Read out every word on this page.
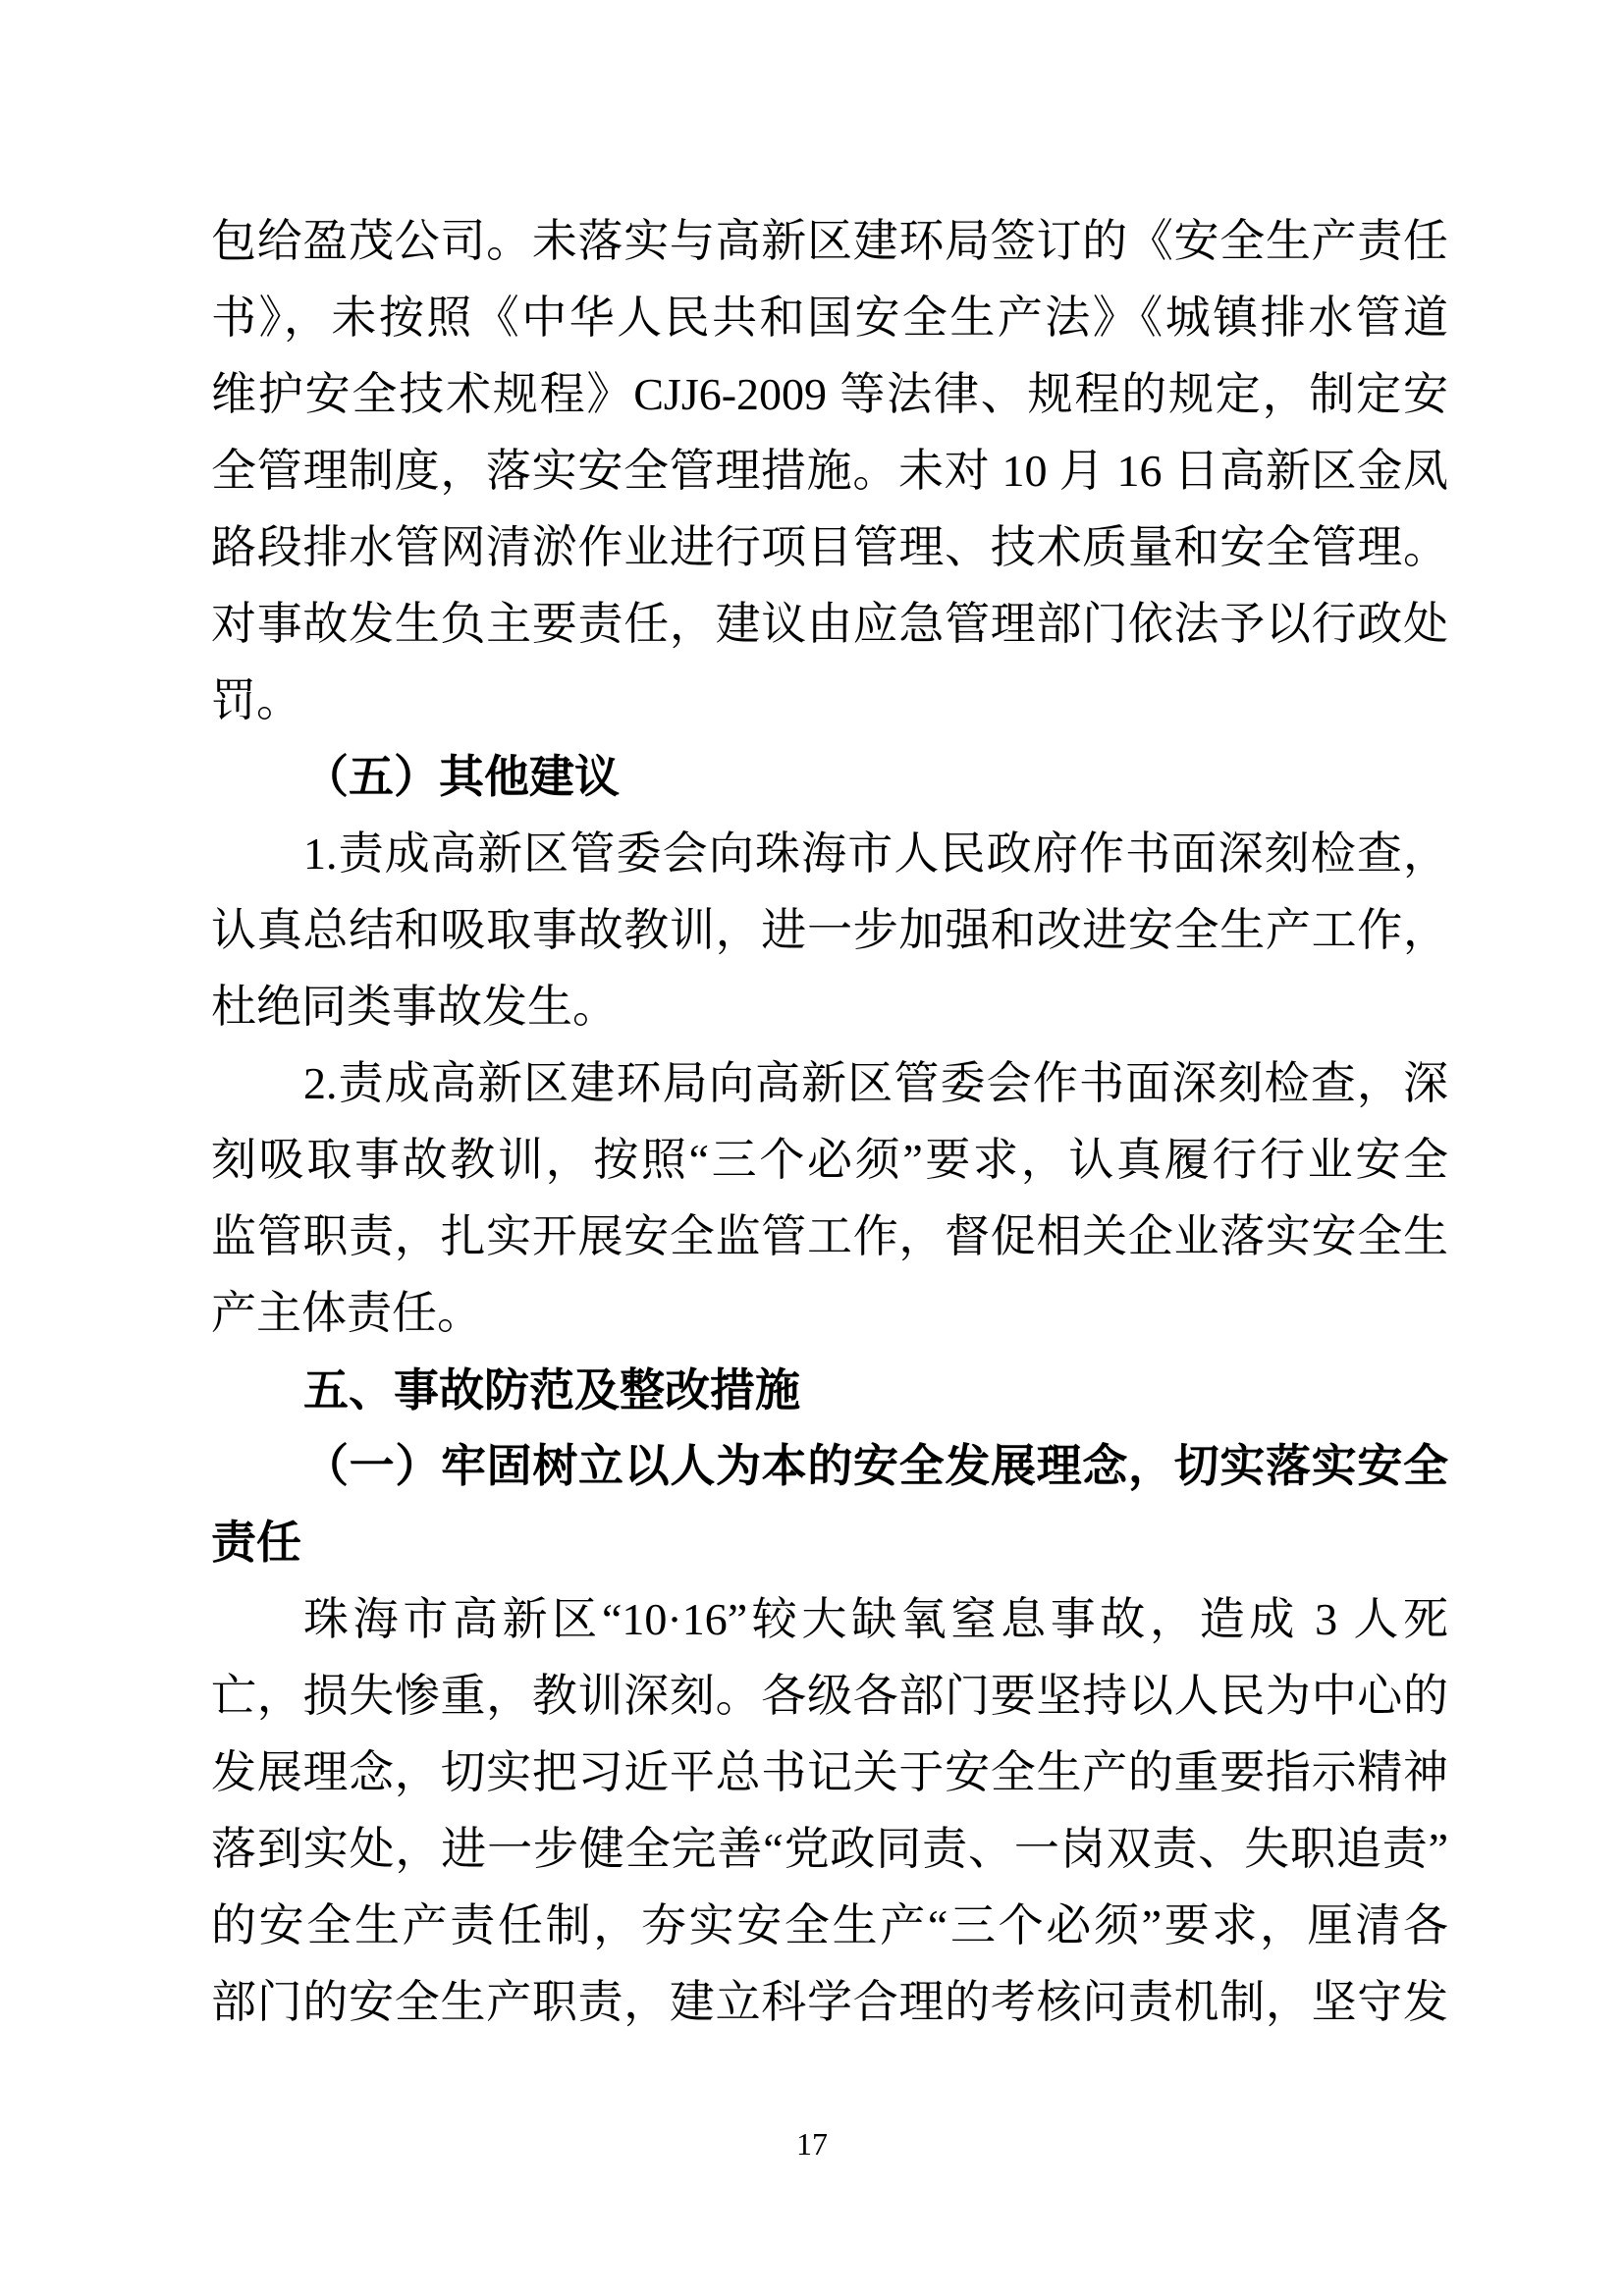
包给盈茂公司。未落实与高新区建环局签订的《安全生产责任
书》，未按照《中华人民共和国安全生产法》《城镇排水管道
维护安全技术规程》CJJ6-2009 等法律、规程的规定，制定安
全管理制度，落实安全管理措施。未对 10 月 16 日高新区金凤
路段排水管网清淤作业进行项目管理、技术质量和安全管理。
对事故发生负主要责任，建议由应急管理部门依法予以行政处
罚。
（五）其他建议
1.责成高新区管委会向珠海市人民政府作书面深刻检查，
认真总结和吸取事故教训，进一步加强和改进安全生产工作，
杜绝同类事故发生。
2.责成高新区建环局向高新区管委会作书面深刻检查，深
刻吸取事故教训，按照“三个必须”要求，认真履行行业安全
监管职责，扎实开展安全监管工作，督促相关企业落实安全生
产主体责任。
五、事故防范及整改措施
（一）牢固树立以人为本的安全发展理念，切实落实安全
责任
珠海市高新区“10·16”较大缺氧窒息事故，造成 3 人死
亡，损失惨重，教训深刻。各级各部门要坚持以人民为中心的
发展理念，切实把习近平总书记关于安全生产的重要指示精神
落到实处，进一步健全完善“党政同责、一岗双责、失职追责”
的安全生产责任制，夯实安全生产“三个必须”要求，厘清各
部门的安全生产职责，建立科学合理的考核问责机制，坚守发
17
